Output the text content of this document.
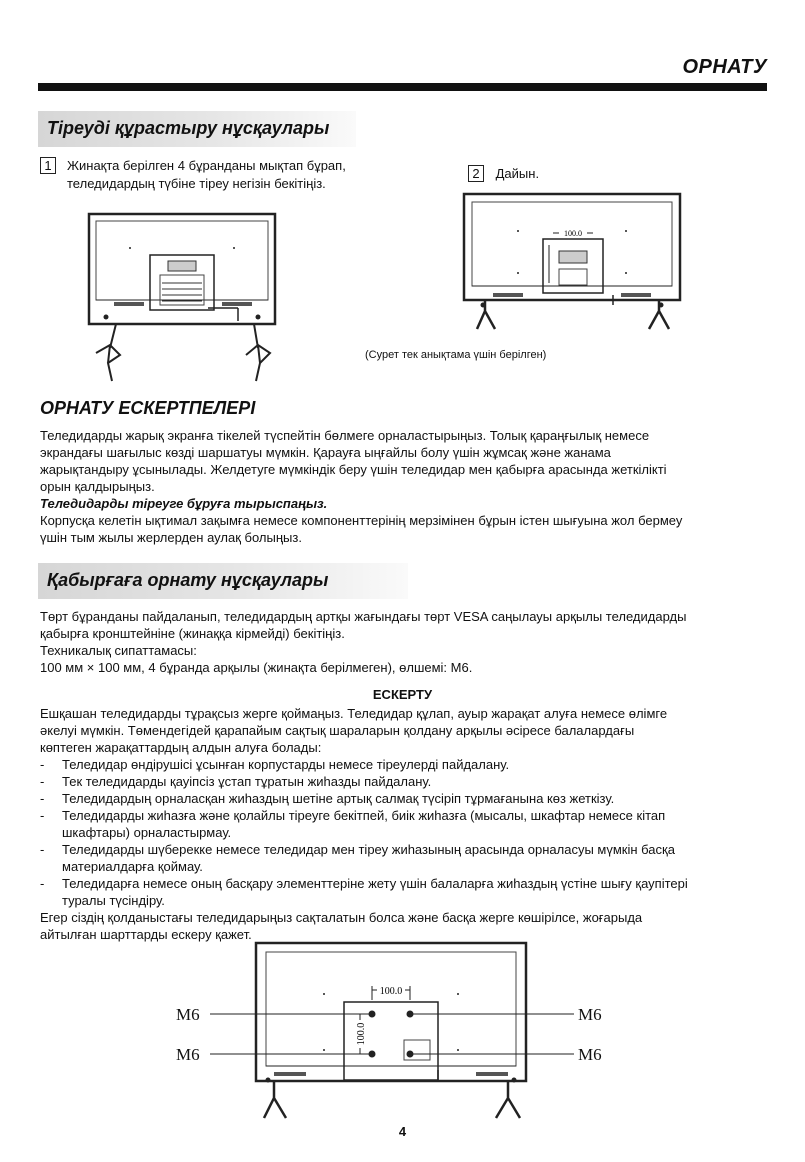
ОРНАТУ
Тіреуді құрастыру нұсқаулары
1 Жинақта берілген 4 бұранданы мықтап бұрап,
теледидардың түбіне тіреу негізін бекітіңіз.
2 Дайын.
100.0
(Сурет тек анықтама үшін берілген)
ОРНАТУ ЕСКЕРТПЕЛЕРІ
Теледидарды жарық экранға тікелей түспейтін бөлмеге орналастырыңыз. Толық қараңғылық немесе
экрандағы шағылыс көзді шаршатуы мүмкін. Қарауға ыңғайлы болу үшін жұмсақ және жанама
жарықтандыру ұсынылады. Желдетуге мүмкіндік беру үшін теледидар мен қабырға арасында жеткілікті
орын қалдырыңыз.
Теледидарды тіреуге бұруға тырыспаңыз.
Корпусқа келетін ықтимал зақымға немесе компоненттерінің мерзімінен бұрын істен шығуына жол бермеу
үшін тым жылы жерлерден аулақ болыңыз.
Қабырғаға орнату нұсқаулары
Төрт бұранданы пайдаланып, теледидардың артқы жағындағы төрт VESA саңылауы арқылы теледидарды
қабырға кронштейніне (жинаққа кірмейді) бекітіңіз.
Техникалық сипаттамасы:
100 мм × 100 мм, 4 бұранда арқылы (жинақта берілмеген), өлшемі: M6.
ЕСКЕРТУ
Ешқашан теледидарды тұрақсыз жерге қоймаңыз. Теледидар құлап, ауыр жарақат алуға немесе өлімге
әкелуі мүмкін. Төмендегідей қарапайым сақтық шараларын қолдану арқылы әсіресе балалардағы
көптеген жарақаттардың алдын алуға болады:
- Теледидар өндірушісі ұсынған корпустарды немесе тіреулерді пайдалану.
- Тек теледидарды қауіпсіз ұстап тұратын жиһазды пайдалану.
- Теледидардың орналасқан жиһаздың шетіне артық салмақ түсіріп тұрмағанына көз жеткізу.
- Теледидарды жиһазға және қолайлы тіреуге бекітпей, биік жиһазға (мысалы, шкафтар немесе кітап
шкафтары) орналастырмау.
- Теледидарды шүберекке немесе теледидар мен тіреу жиһазының арасында орналасуы мүмкін басқа
материалдарға қоймау.
- Теледидарға немесе оның басқару элементтеріне жету үшін балаларға жиһаздың үстіне шығу қаупітері
туралы түсіндіру.
Егер сіздің қолданыстағы теледидарыңыз сақталатын болса және басқа жерге көшірілсе, жоғарыда
айтылған шарттарды ескеру қажет.
100.0
100.0
M6
M6
M6
M6
4
